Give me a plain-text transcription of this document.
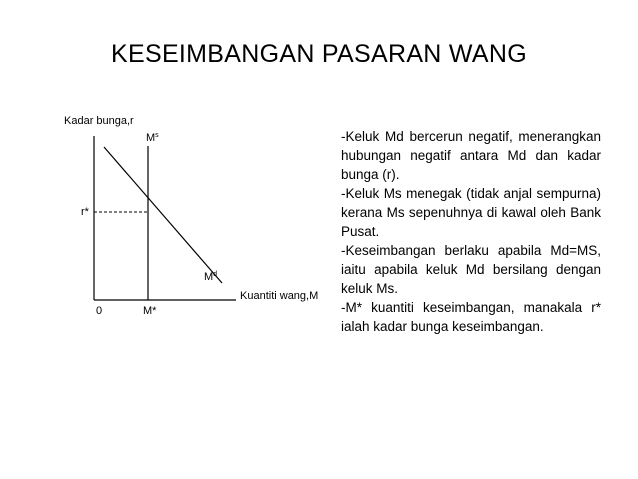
KESEIMBANGAN PASARAN WANG
Kadar bunga,r
$M^s$
r*
$M^d$
Kuantiti wang,M
0	M*

-Keluk Md bercerun negatif, menerangkan hubungan negatif antara Md dan kadar bunga (r).

-Keluk Ms menegak (tidak anjal sempurna) kerana Ms sepenuhnya di kawal oleh Bank Pusat.

-Keseimbangan berlaku apabila Md=MS, iaitu apabila keluk Md bersilang dengan keluk Ms.

-M* kuantiti keseimbangan, manakala r* ialah kadar bunga keseimbangan.
